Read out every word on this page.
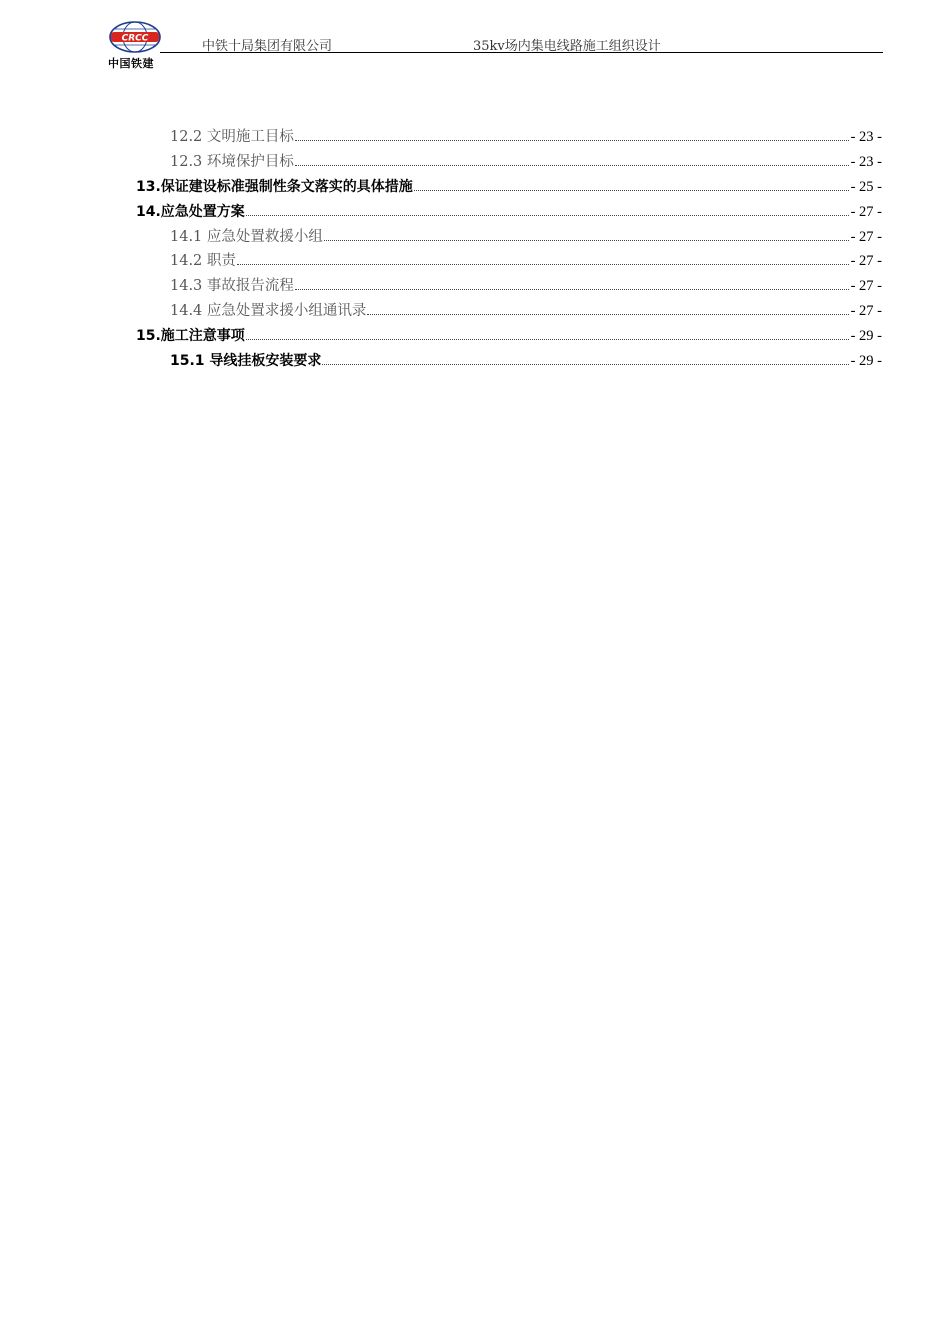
CRCC
中国铁建
中铁十局集团有限公司	35kv场内集电线路施工组织设计
12.2 文明施工目标	- 23 -
12.3 环境保护目标	- 23 -
13.保证建设标准强制性条文落实的具体措施	- 25 -
14.应急处置方案	- 27 -
14.1 应急处置救援小组	- 27 -
14.2 职责	- 27 -
14.3 事故报告流程	- 27 -
14.4 应急处置求援小组通讯录	- 27 -
15.施工注意事项	- 29 -
15.1 导线挂板安装要求	- 29 -
